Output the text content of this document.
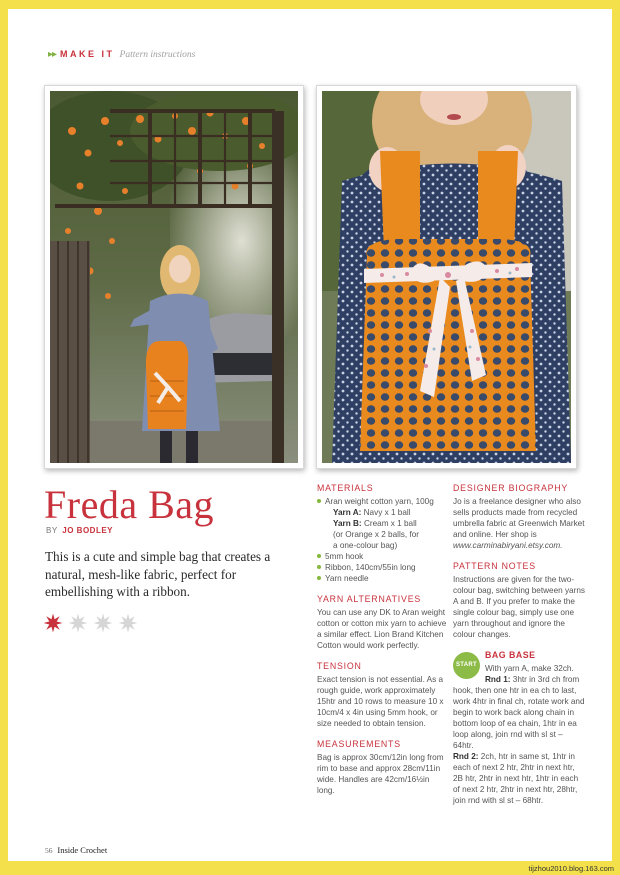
▸▸ MAKE IT Pattern instructions
Freda Bag
BY JO BODLEY

This is a cute and simple bag that creates a natural, mesh-like fabric, perfect for embellishing with a ribbon.

MATERIALS
Aran weight cotton yarn, 100g
Yarn A: Navy x 1 ball
Yarn B: Cream x 1 ball
(or Orange x 2 balls, for
a one-colour bag)
5mm hook
Ribbon, 140cm/55in long
Yarn needle
YARN ALTERNATIVES
You can use any DK to Aran weight cotton or cotton mix yarn to achieve a similar effect. Lion Brand Kitchen Cotton would work perfectly.
TENSION
Exact tension is not essential. As a rough guide, work approximately 15htr and 10 rows to measure 10 x 10cm/4 x 4in using 5mm hook, or size needed to obtain tension.
MEASUREMENTS
Bag is approx 30cm/12in long from rim to base and approx 28cm/11in wide. Handles are 42cm/16½in long.
DESIGNER BIOGRAPHY
Jo is a freelance designer who also sells products made from recycled umbrella fabric at Greenwich Market and online. Her shop is www.carminabiryani.etsy.com.
PATTERN NOTES
Instructions are given for the two-colour bag, switching between yarns A and B. If you prefer to make the single colour bag, simply use one yarn throughout and ignore the colour changes.
START
BAG BASE
With yarn A, make 32ch.
Rnd 1: 3htr in 3rd ch from hook, then one htr in ea ch to last, work 4htr in final ch, rotate work and begin to work back along chain in bottom loop of ea chain, 1htr in ea loop along, join rnd with sl st – 64htr.
Rnd 2: 2ch, htr in same st, 1htr in each of next 2 htr, 2htr in next htr, 2B htr, 2htr in next htr, 1htr in each of next 2 htr, 2htr in next htr, 28htr, join rnd with sl st – 68htr.
56 Inside Crochet
tijzhou2010.blog.163.com
